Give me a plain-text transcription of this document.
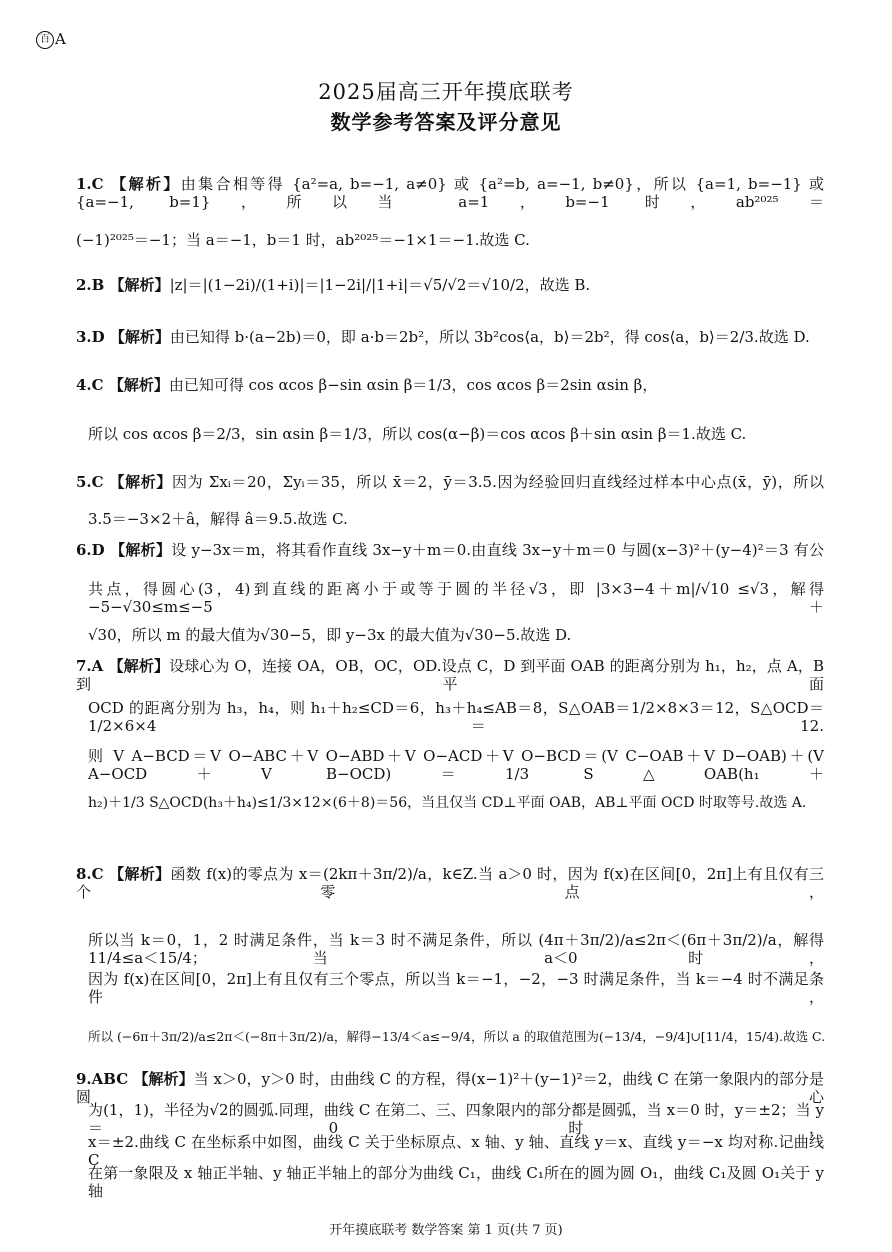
百 A
2025届高三开年摸底联考
数学参考答案及评分意见
1.C 【解析】由集合相等得 {a²=a, b=−1, a≠0} 或 {a²=b, a=−1, b≠0}，所以 {a=1, b=−1} 或 {a=−1, b=1}，所以当 a=1，b=−1 时，ab²⁰²⁵＝
(−1)²⁰²⁵＝−1；当 a＝−1，b＝1 时，ab²⁰²⁵＝−1×1＝−1.故选 C.
2.B 【解析】|z|＝|(1−2i)/(1+i)|＝|1−2i|/|1+i|＝√5/√2＝√10/2，故选 B.
3.D 【解析】由已知得 b·(a−2b)＝0，即 a·b＝2b²，所以 3b²cos⟨a，b⟩＝2b²，得 cos⟨a，b⟩＝2/3.故选 D.
4.C 【解析】由已知可得 cos αcos β−sin αsin β＝1/3，cos αcos β＝2sin αsin β，
所以 cos αcos β＝2/3，sin αsin β＝1/3，所以 cos(α−β)＝cos αcos β＋sin αsin β＝1.故选 C.
5.C 【解析】因为 Σxᵢ＝20，Σyᵢ＝35，所以 x̄＝2，ȳ＝3.5.因为经验回归直线经过样本中心点(x̄，ȳ)，所以
3.5＝−3×2＋â，解得 â＝9.5.故选 C.
6.D 【解析】设 y−3x＝m，将其看作直线 3x−y＋m＝0.由直线 3x−y＋m＝0 与圆(x−3)²＋(y−4)²＝3 有公
共点，得圆心(3，4)到直线的距离小于或等于圆的半径√3，即 |3×3−4＋m|/√10 ≤√3，解得−5−√30≤m≤−5＋
√30，所以 m 的最大值为√30−5，即 y−3x 的最大值为√30−5.故选 D.
7.A 【解析】设球心为 O，连接 OA，OB，OC，OD.设点 C，D 到平面 OAB 的距离分别为 h₁，h₂，点 A，B 到平面
OCD 的距离分别为 h₃，h₄，则 h₁＋h₂≤CD＝6，h₃＋h₄≤AB＝8，S△OAB＝1/2×8×3＝12，S△OCD＝1/2×6×4＝12.
则 V A−BCD＝V O−ABC＋V O−ABD＋V O−ACD＋V O−BCD＝(V C−OAB＋V D−OAB)＋(V A−OCD＋V B−OCD)＝1/3 S△OAB(h₁＋
h₂)＋1/3 S△OCD(h₃＋h₄)≤1/3×12×(6＋8)＝56，当且仅当 CD⊥平面 OAB，AB⊥平面 OCD 时取等号.故选 A.
8.C 【解析】函数 f(x)的零点为 x＝(2kπ＋3π/2)/a，k∈Z.当 a＞0 时，因为 f(x)在区间[0，2π]上有且仅有三个零点，
所以当 k＝0，1，2 时满足条件，当 k＝3 时不满足条件，所以 (4π＋3π/2)/a≤2π＜(6π＋3π/2)/a，解得 11/4≤a＜15/4；当 a＜0 时，
因为 f(x)在区间[0，2π]上有且仅有三个零点，所以当 k＝−1，−2，−3 时满足条件，当 k＝−4 时不满足条件，
所以 (−6π＋3π/2)/a≤2π＜(−8π＋3π/2)/a，解得−13/4＜a≤−9/4，所以 a 的取值范围为(−13/4，−9/4]∪[11/4，15/4).故选 C.
9.ABC 【解析】当 x＞0，y＞0 时，由曲线 C 的方程，得(x−1)²＋(y−1)²＝2，曲线 C 在第一象限内的部分是圆心
为(1，1)，半径为√2的圆弧.同理，曲线 C 在第二、三、四象限内的部分都是圆弧，当 x＝0 时，y＝±2；当 y＝0 时，
x＝±2.曲线 C 在坐标系中如图，曲线 C 关于坐标原点、x 轴、y 轴、直线 y＝x、直线 y＝−x 均对称.记曲线 C
在第一象限及 x 轴正半轴、y 轴正半轴上的部分为曲线 C₁，曲线 C₁所在的圆为圆 O₁，曲线 C₁及圆 O₁关于 y 轴
开年摸底联考 数学答案 第 1 页(共 7 页)
